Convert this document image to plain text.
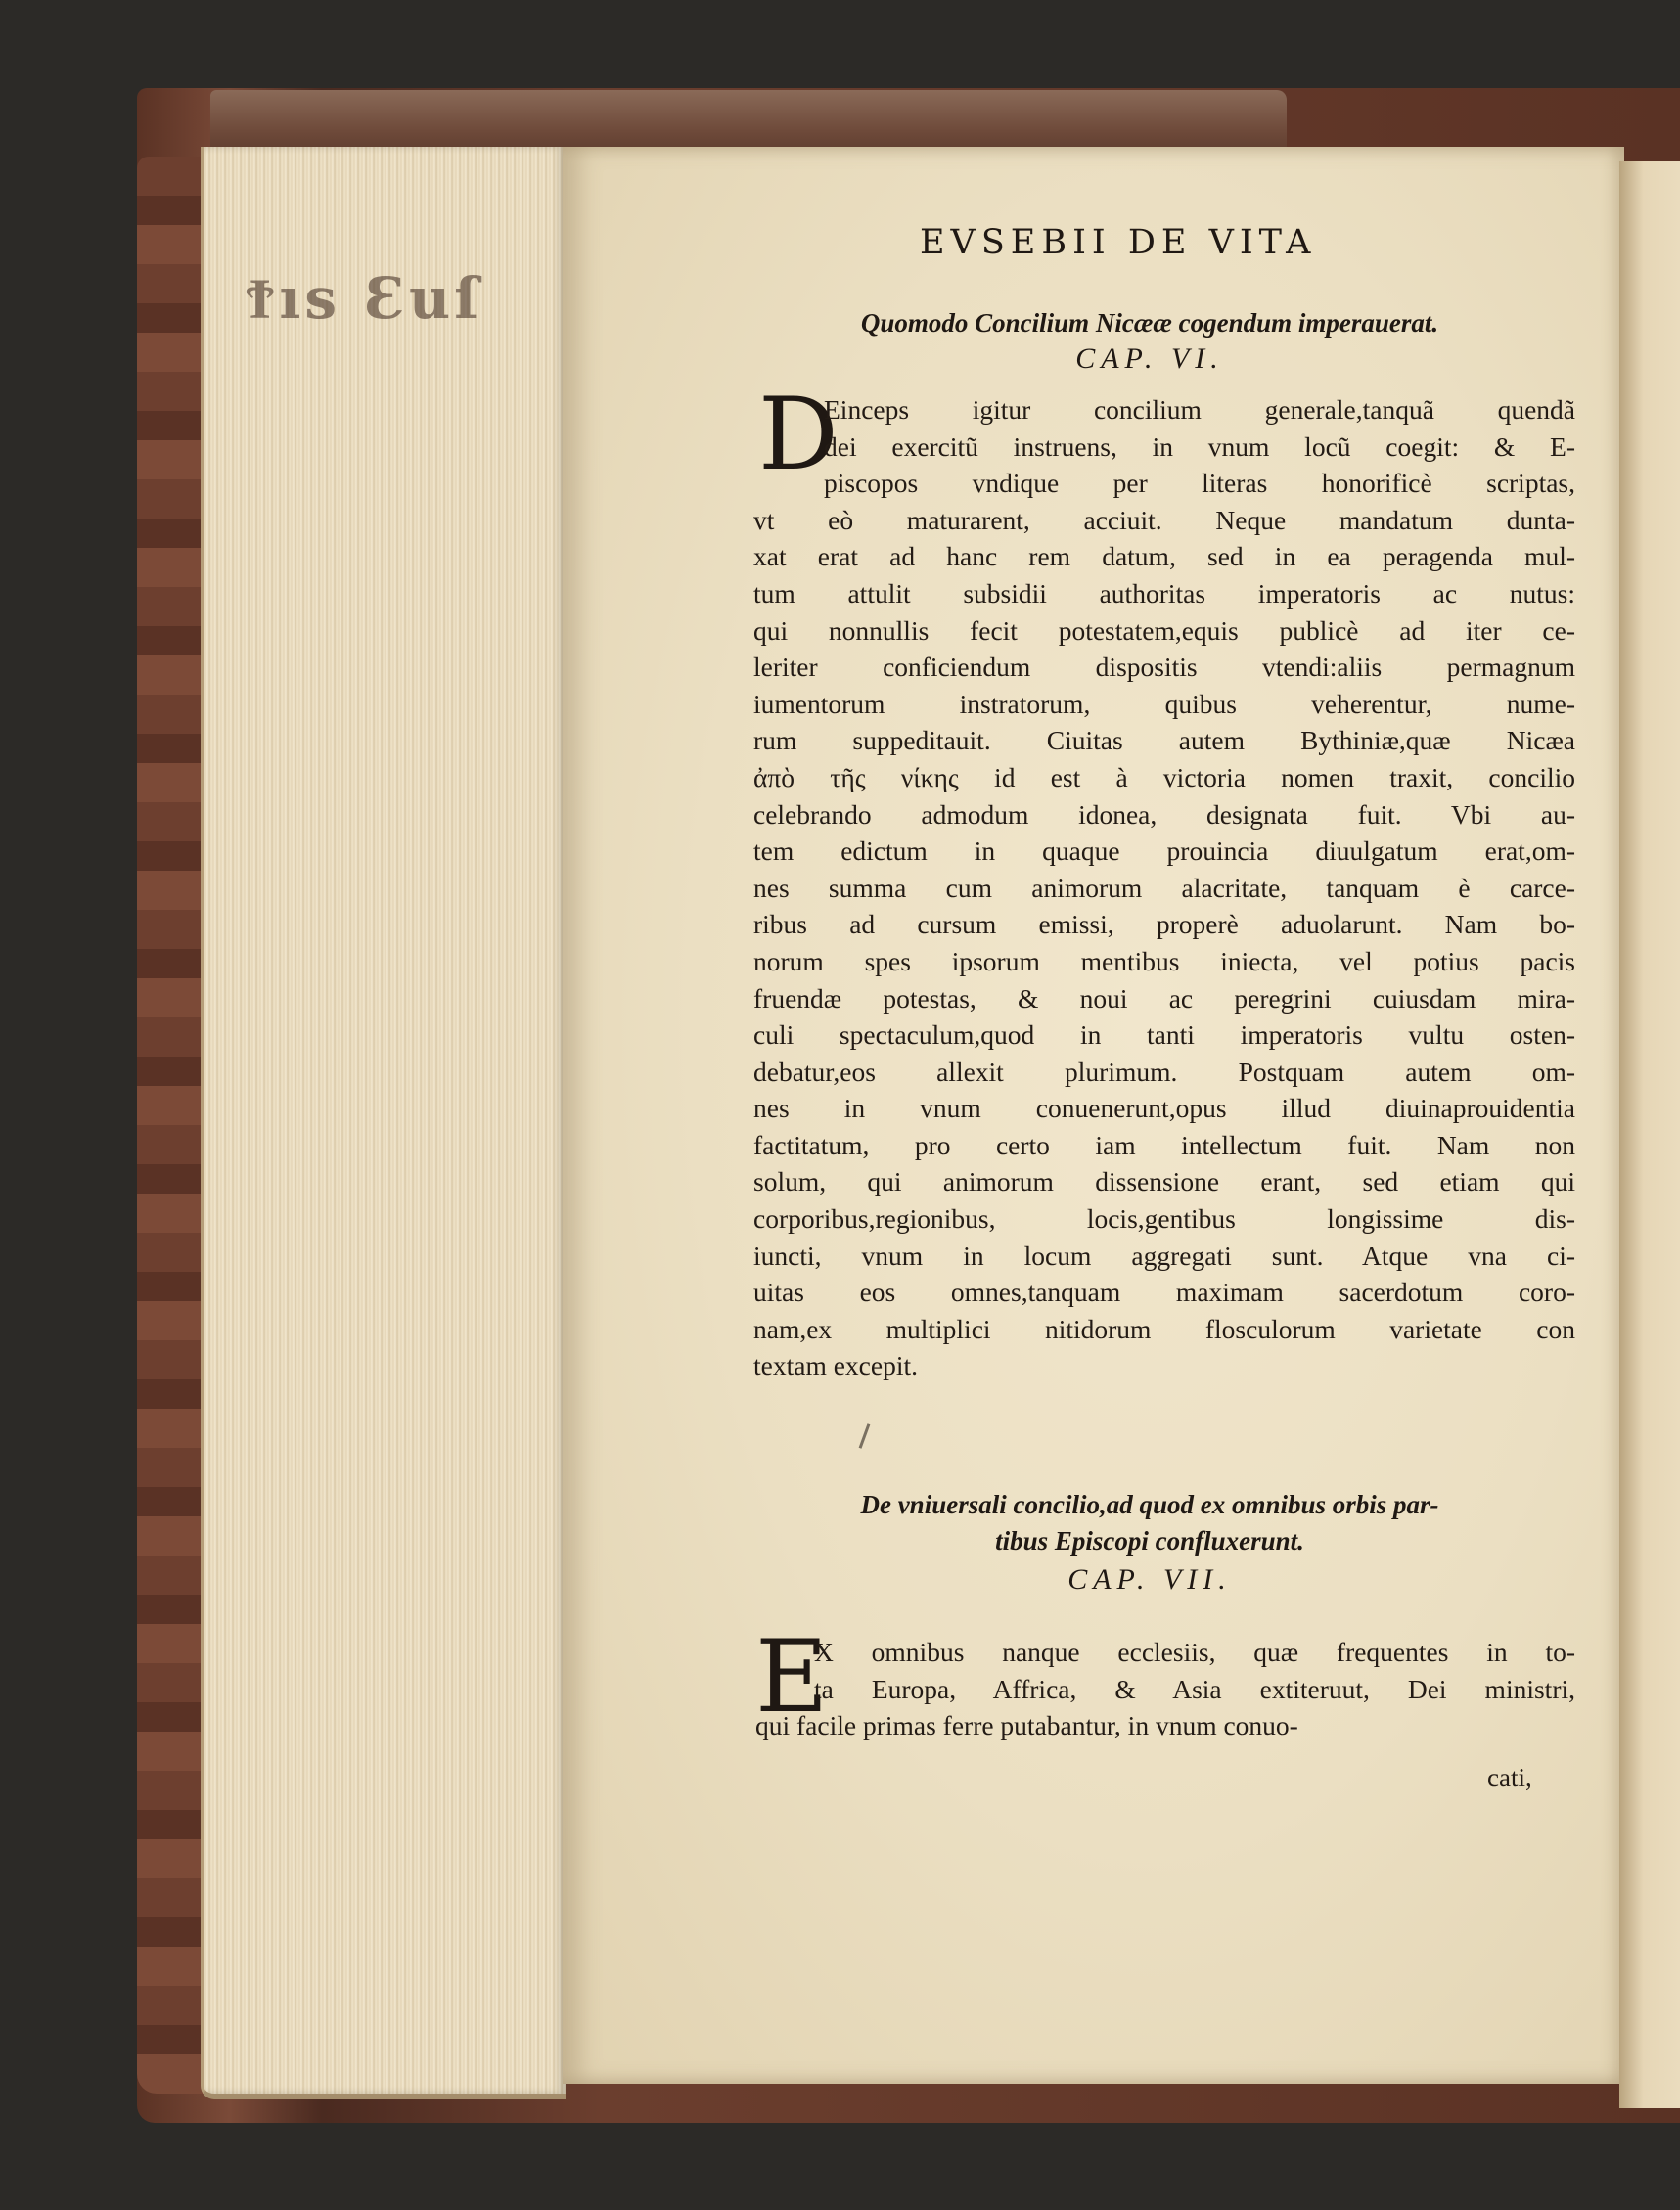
Ϯıs Ɛuſ
EVSEBII DE VITA
Quomodo Concilium Nicææ cogendum imperauerat.
CAP. VI.
D
Einceps igitur concilium generale,tanquã quendã
dei exercitũ instruens, in vnum locũ coegit: & E-
piscopos vndique per literas honorificè scriptas,
vt eò maturarent, acciuit. Neque mandatum dunta-
xat erat ad hanc rem datum, sed in ea peragenda mul-
tum attulit subsidii authoritas imperatoris ac nutus:
qui nonnullis fecit potestatem,equis publicè ad iter ce-
leriter conficiendum dispositis vtendi:aliis permagnum
iumentorum instratorum, quibus veherentur, nume-
rum suppeditauit. Ciuitas autem Bythiniæ,quæ Nicæa
ἀπὸ τῆς νίκης id est à victoria nomen traxit, concilio
celebrando admodum idonea, designata fuit. Vbi au-
tem edictum in quaque prouincia diuulgatum erat,om-
nes summa cum animorum alacritate, tanquam è carce-
ribus ad cursum emissi, properè aduolarunt. Nam bo-
norum spes ipsorum mentibus iniecta, vel potius pacis
fruendæ potestas, & noui ac peregrini cuiusdam mira-
culi spectaculum,quod in tanti imperatoris vultu osten-
debatur,eos allexit plurimum. Postquam autem om-
nes in vnum conuenerunt,opus illud diuinaprouidentia
factitatum, pro certo iam intellectum fuit. Nam non
solum, qui animorum dissensione erant, sed etiam qui
corporibus,regionibus, locis,gentibus longissime dis-
iuncti, vnum in locum aggregati sunt. Atque vna ci-
uitas eos omnes,tanquam maximam sacerdotum coro-
nam,ex multiplici nitidorum flosculorum varietate con
textam excepit.
De vniuersali concilio,ad quod ex omnibus orbis par-
tibus Episcopi confluxerunt.
CAP. VII.
E
X omnibus nanque ecclesiis, quæ frequentes in to-
ta Europa, Affrica, & Asia extiteruut, Dei ministri,
qui facile primas ferre putabantur, in vnum conuo-
cati,
